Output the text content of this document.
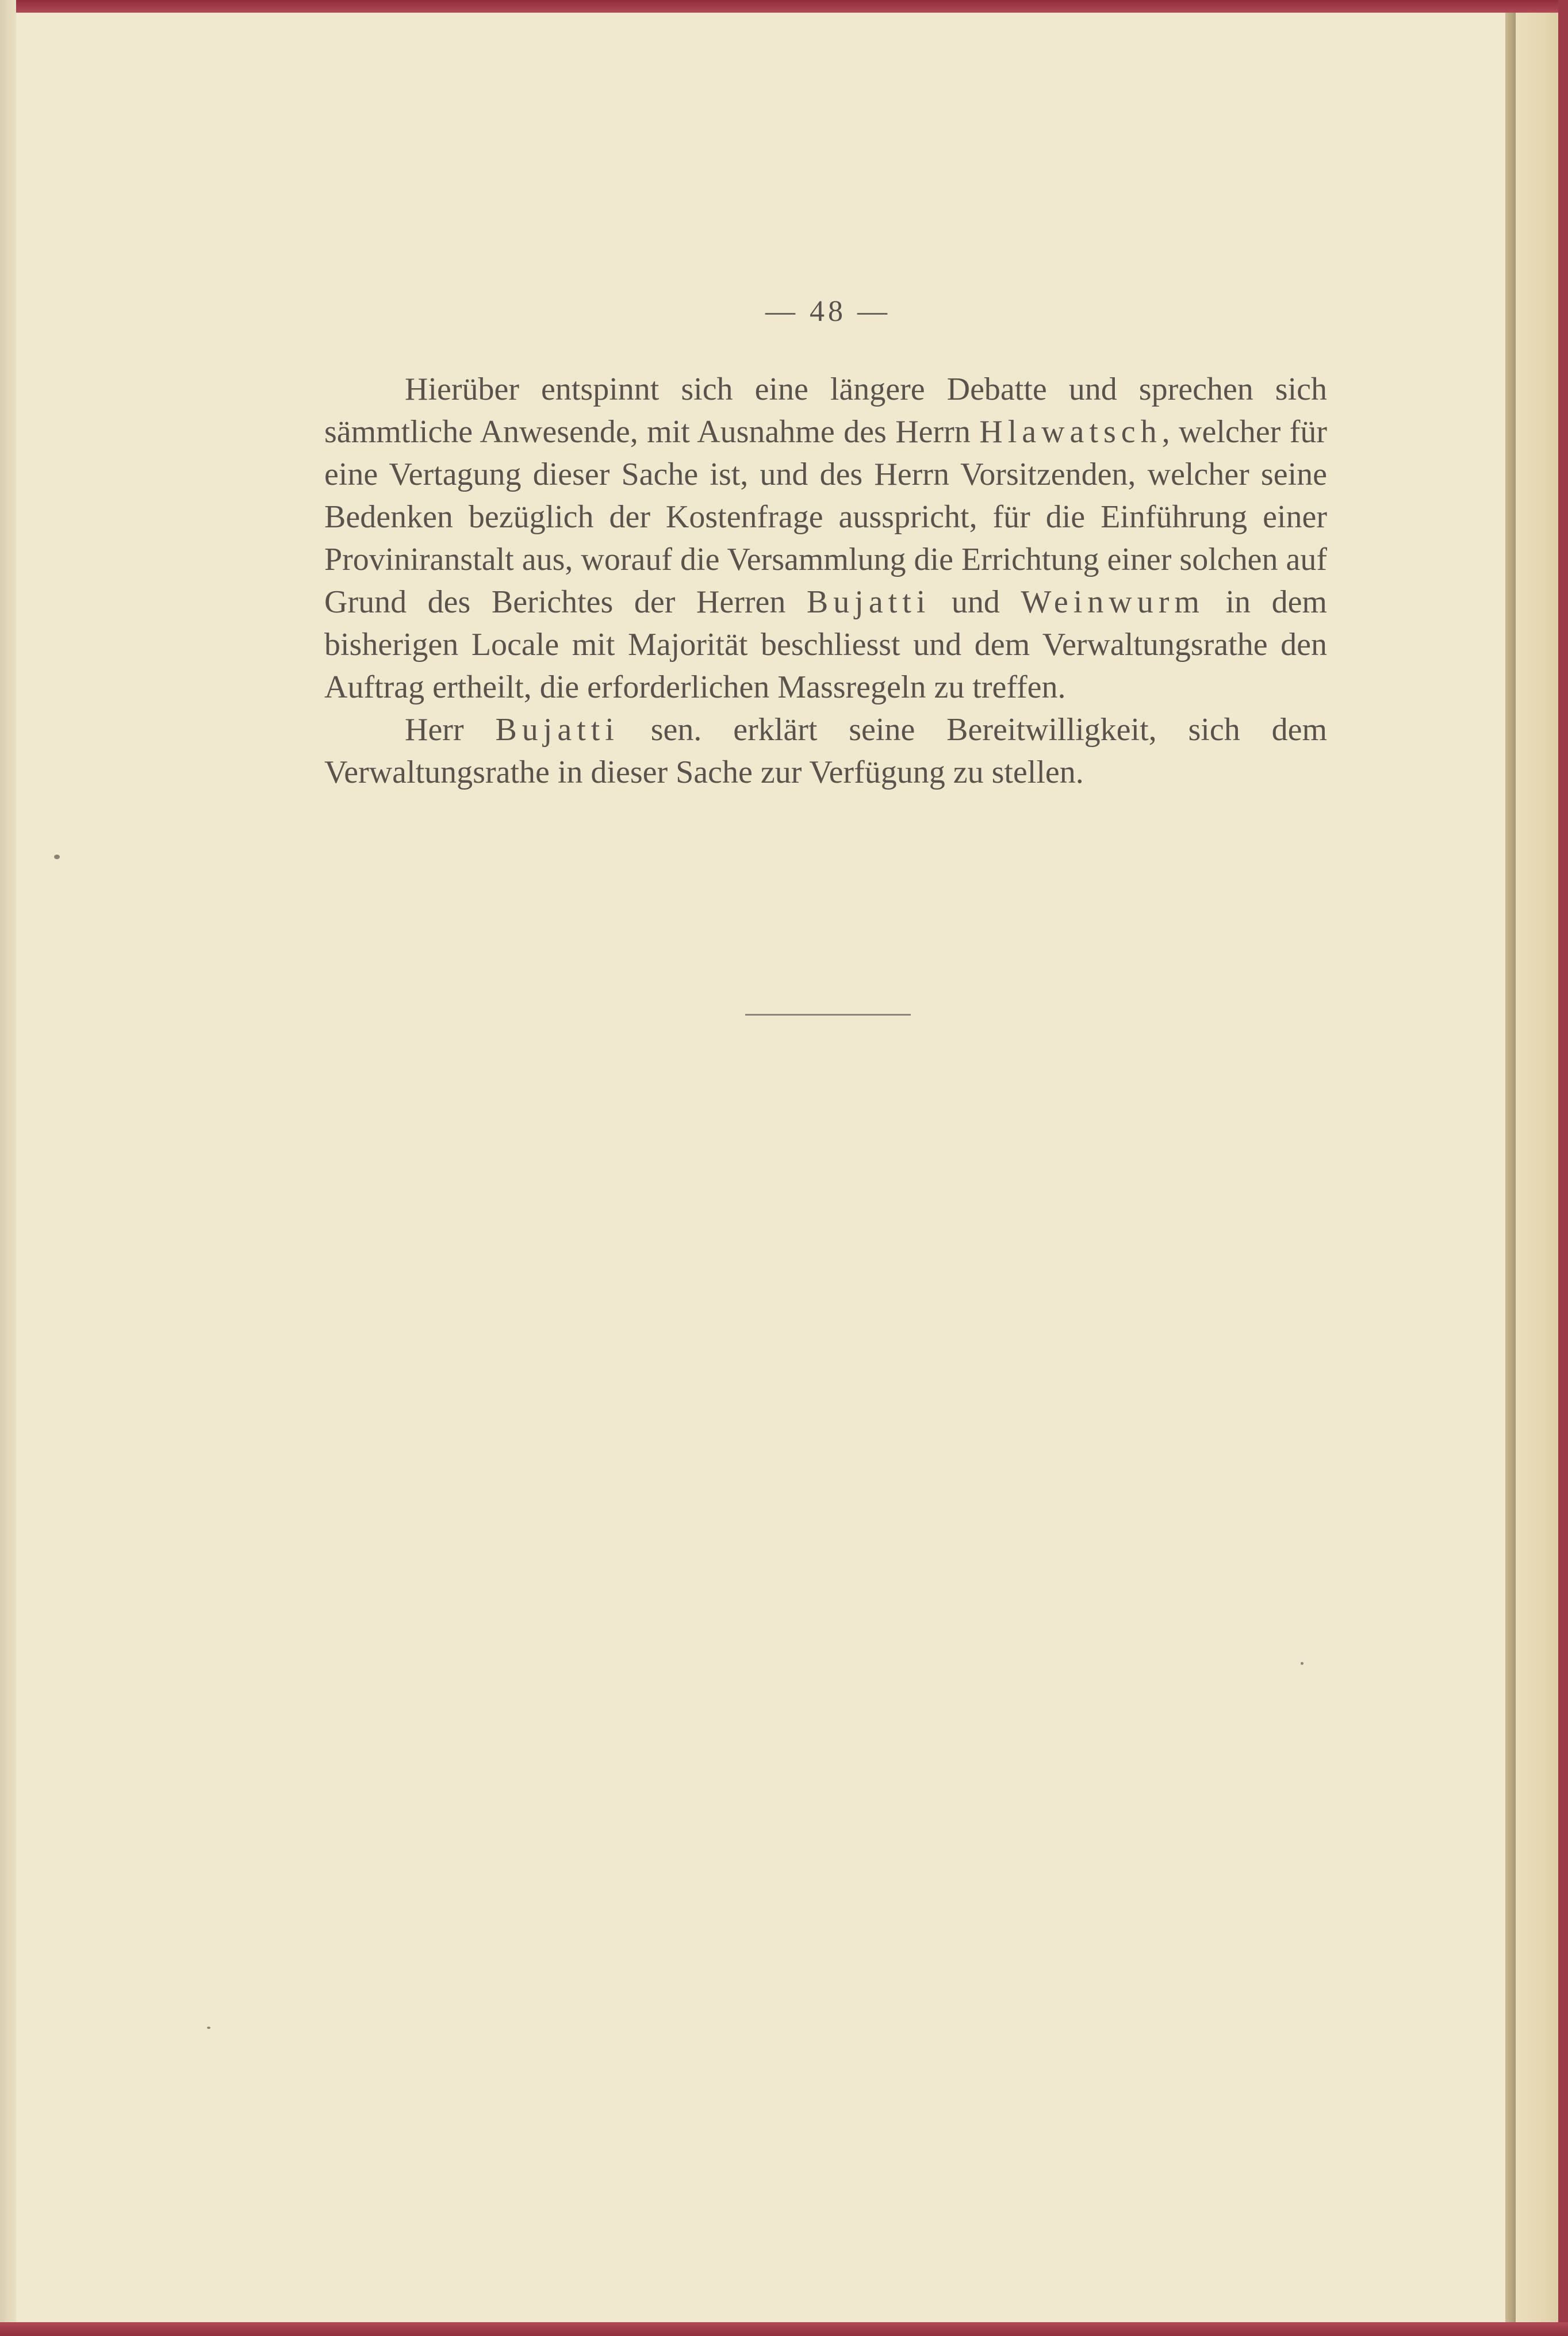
— 48 —

Hierüber entspinnt sich eine längere Debatte und sprechen sich sämmtliche Anwesende, mit Ausnahme des Herrn Hlawatsch, welcher für eine Vertagung dieser Sache ist, und des Herrn Vorsitzenden, welcher seine Bedenken bezüglich der Kostenfrage ausspricht, für die Einführung einer Proviniranstalt aus, worauf die Versammlung die Errichtung einer solchen auf Grund des Berichtes der Herren Bujatti und Weinwurm in dem bisherigen Locale mit Majorität beschliesst und dem Verwaltungsrathe den Auftrag ertheilt, die erforderlichen Massregeln zu treffen.

Herr Bujatti sen. erklärt seine Bereitwilligkeit, sich dem Verwaltungsrathe in dieser Sache zur Verfügung zu stellen.
